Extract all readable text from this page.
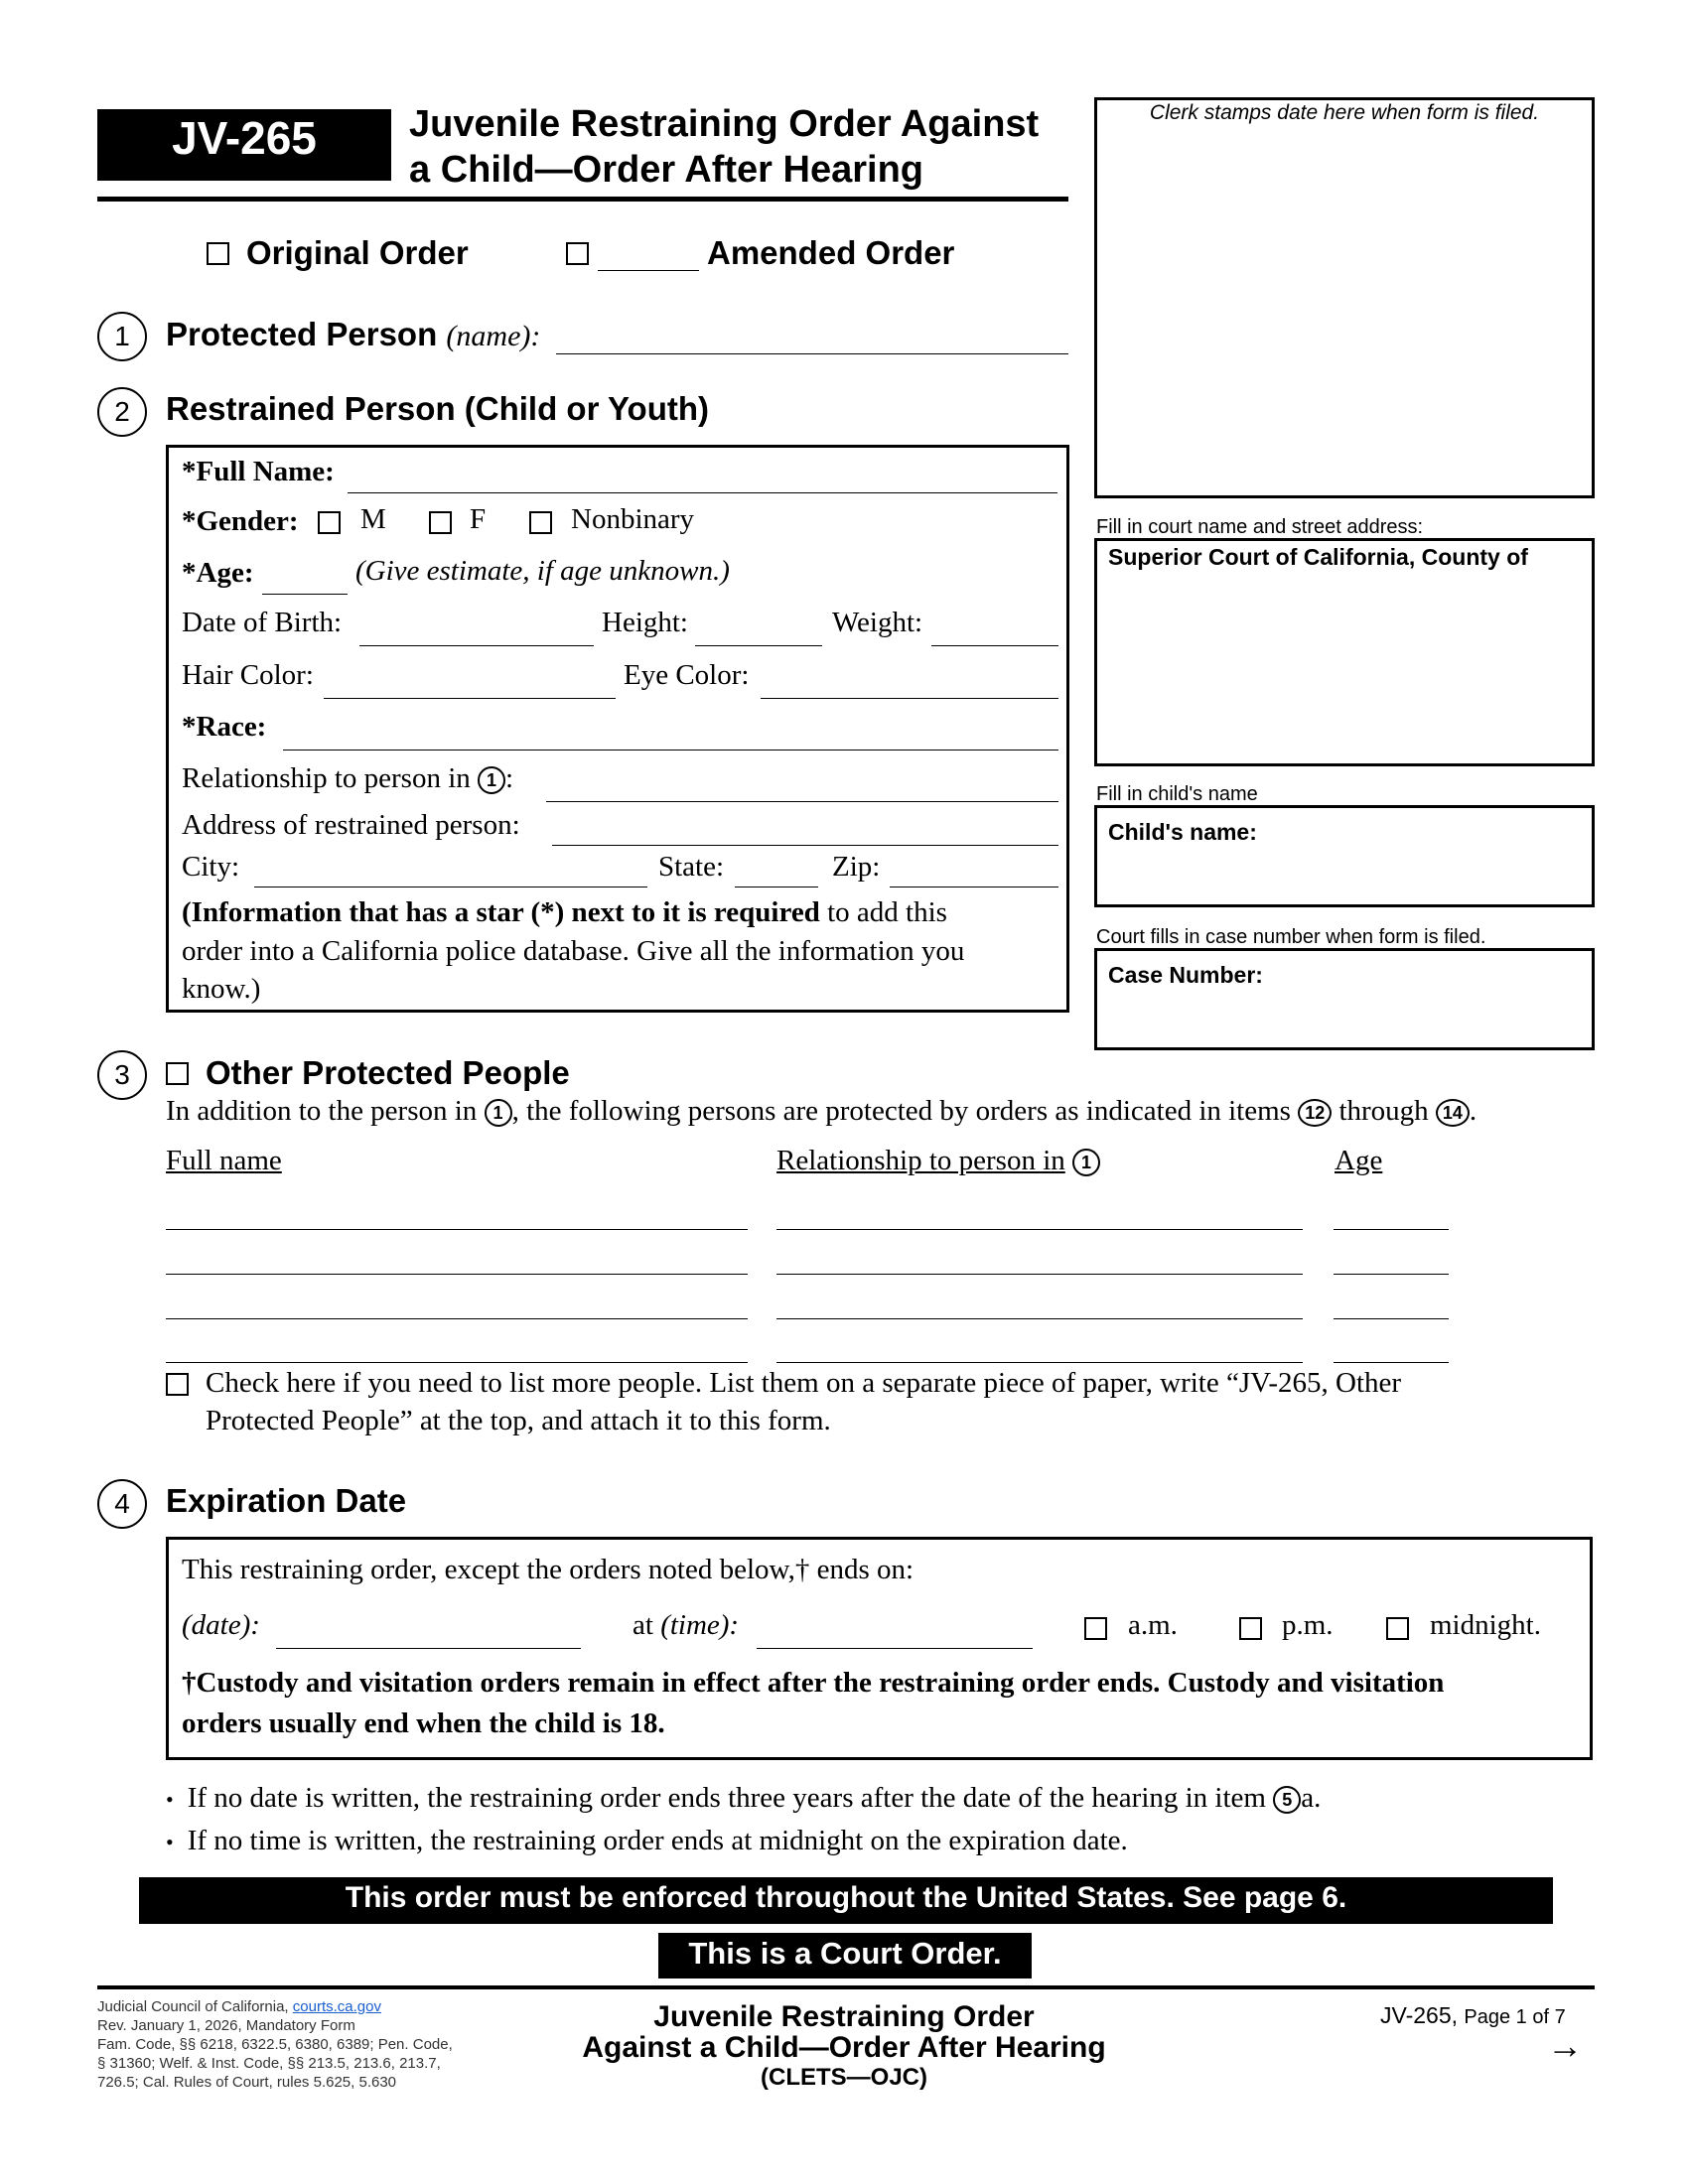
JV-265	Juvenile Restraining Order Against
a Child—Order After Hearing
Original Order	Amended Order
Clerk stamps date here when form is filed.
Fill in court name and street address:
Superior Court of California, County of
Fill in child's name
Child's name:
Court fills in case number when form is filed.
Case Number:
1	Protected Person (name):
2	Restrained Person (Child or Youth)
*Full Name:
*Gender: M	F	Nonbinary
*Age:	(Give estimate, if age unknown.)
Date of Birth:	Height:	Weight:
Hair Color:	Eye Color:
*Race:
Relationship to person in 1 :
Address of restrained person:
City:	State:	Zip:
(Information that has a star (*) next to it is required to add this
order into a California police database. Give all the information you
know.)
3	Other Protected People
In addition to the person in 1 , the following persons are protected by orders as indicated in items 12 through 14 .
Full name	Relationship to person in 1	Age
Check here if you need to list more people. List them on a separate piece of paper, write “JV-265, Other
Protected People” at the top, and attach it to this form.
4	Expiration Date
This restraining order, except the orders noted below,† ends on:
(date):	at (time):	a.m.	p.m.	midnight.
†Custody and visitation orders remain in effect after the restraining order ends. Custody and visitation
orders usually end when the child is 18.
• If no date is written, the restraining order ends three years after the date of the hearing in item 5 a.
• If no time is written, the restraining order ends at midnight on the expiration date.
This order must be enforced throughout the United States. See page 6.
This is a Court Order.
Judicial Council of California, courts.ca.gov
Rev. January 1, 2026, Mandatory Form
Fam. Code, §§ 6218, 6322.5, 6380, 6389; Pen. Code,
§ 31360; Welf. & Inst. Code, §§ 213.5, 213.6, 213.7,
726.5; Cal. Rules of Court, rules 5.625, 5.630
Juvenile Restraining Order
Against a Child—Order After Hearing
(CLETS—OJC)
JV-265, Page 1 of 7
→
